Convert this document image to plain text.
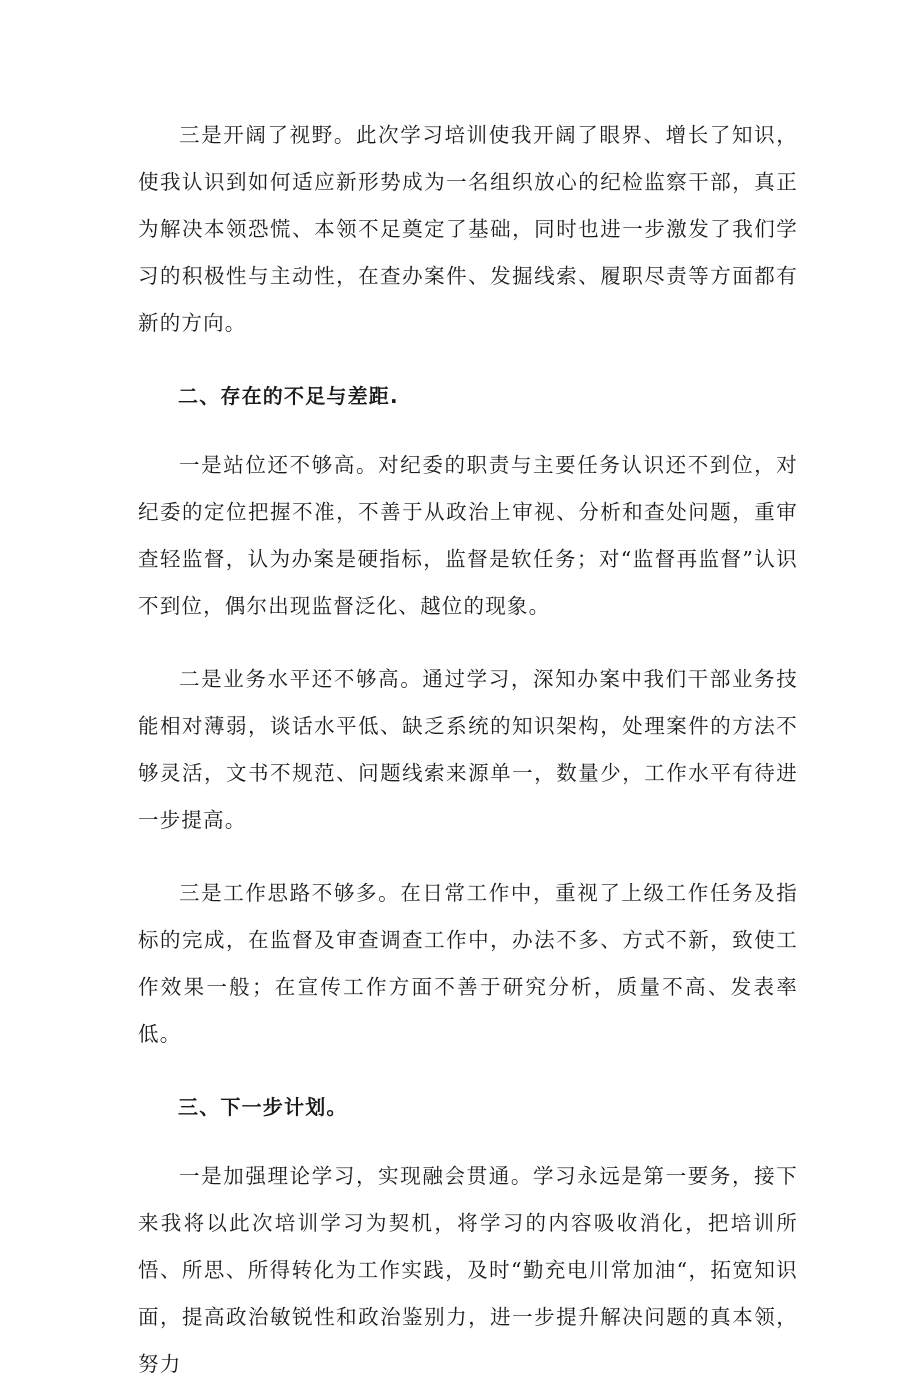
三是开阔了视野。此次学习培训使我开阔了眼界、增长了知识，使我认识到如何适应新形势成为一名组织放心的纪检监察干部，真正为解决本领恐慌、本领不足奠定了基础，同时也进一步激发了我们学习的积极性与主动性，在查办案件、发掘线索、履职尽责等方面都有新的方向。

二、存在的不足与差距.

一是站位还不够高。对纪委的职责与主要任务认识还不到位，对纪委的定位把握不准，不善于从政治上审视、分析和查处问题，重审查轻监督，认为办案是硬指标，监督是软任务；对“监督再监督”认识不到位，偶尔出现监督泛化、越位的现象。

二是业务水平还不够高。通过学习，深知办案中我们干部业务技能相对薄弱，谈话水平低、缺乏系统的知识架构，处理案件的方法不够灵活，文书不规范、问题线索来源单一，数量少，工作水平有待进一步提高。

三是工作思路不够多。在日常工作中，重视了上级工作任务及指标的完成，在监督及审查调查工作中，办法不多、方式不新，致使工作效果一般；在宣传工作方面不善于研究分析，质量不高、发表率低。

三、下一步计划。

一是加强理论学习，实现融会贯通。学习永远是第一要务，接下来我将以此次培训学习为契机，将学习的内容吸收消化，把培训所悟、所思、所得转化为工作实践，及时“勤充电川常加油“，拓宽知识面，提高政治敏锐性和政治鉴别力，进一步提升解决问题的真本领，努力
